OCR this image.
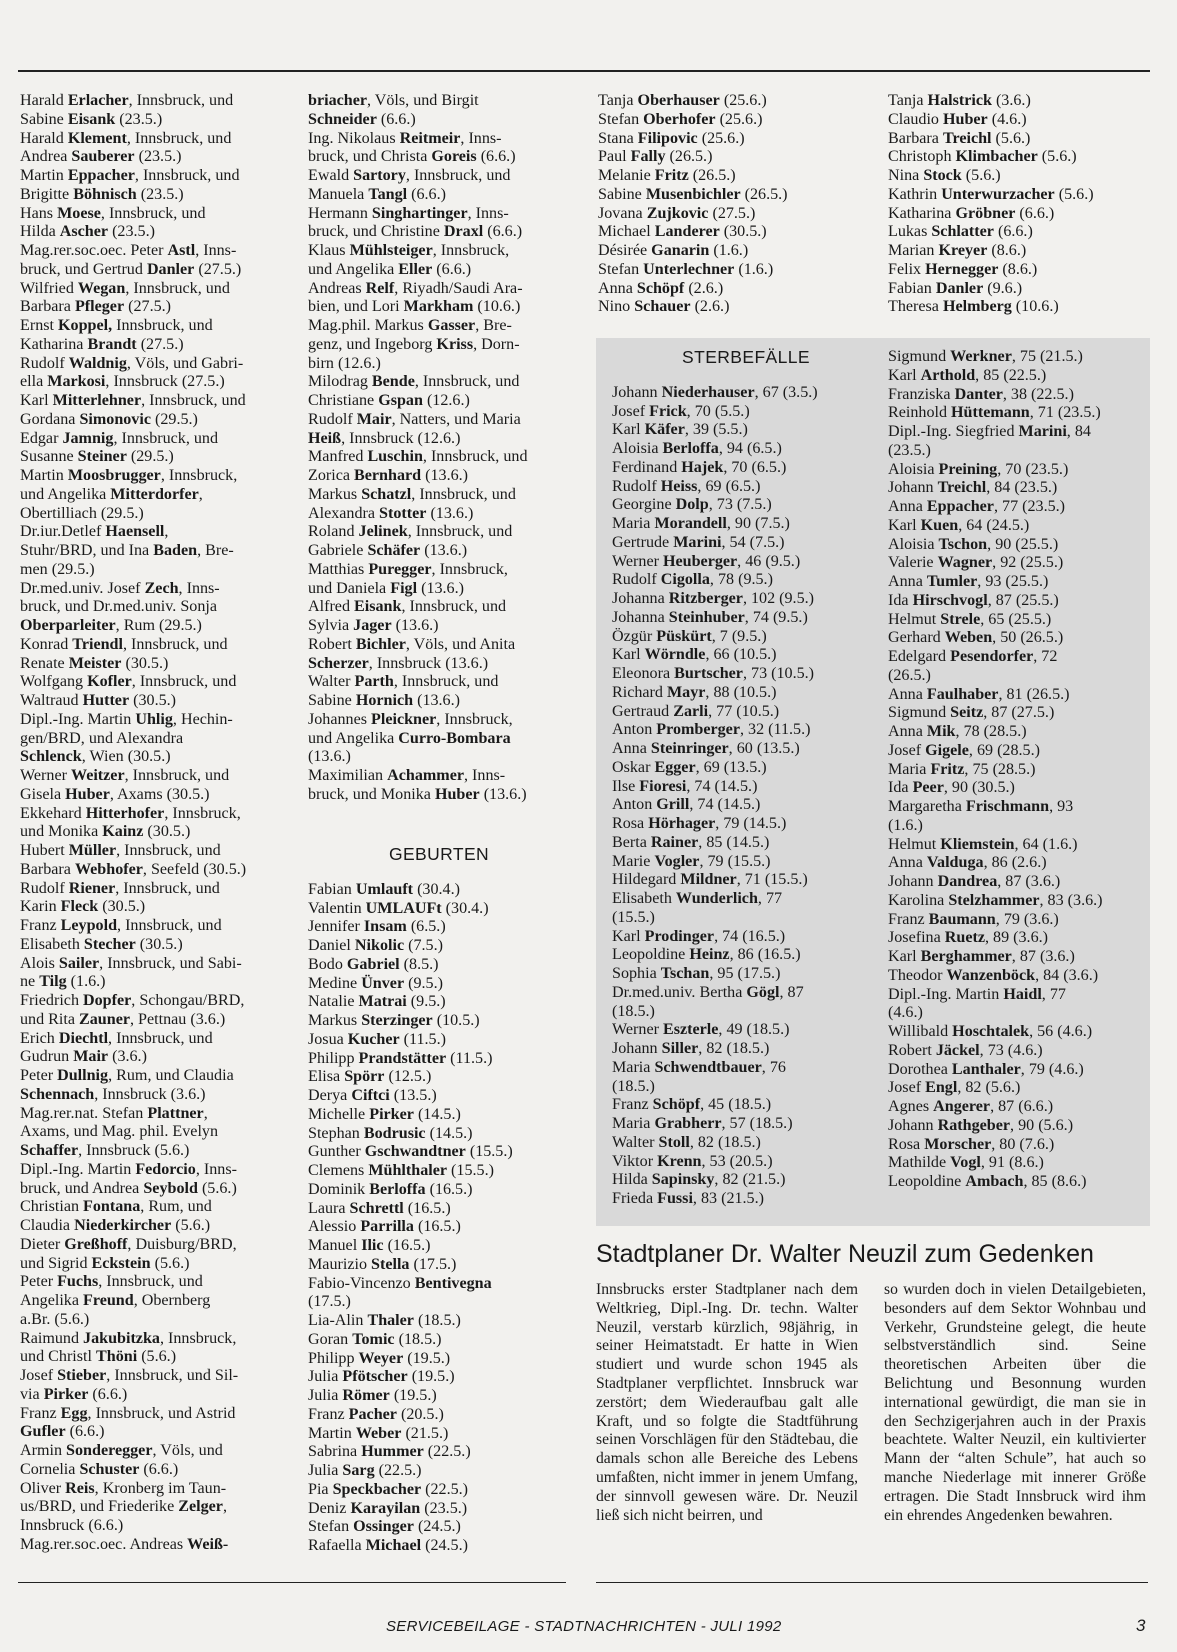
Harald Erlacher, Innsbruck, und

Sabine Eisank (23.5.)

Harald Klement, Innsbruck, und

Andrea Sauberer (23.5.)

Martin Eppacher, Innsbruck, und

Brigitte Böhnisch (23.5.)

Hans Moese, Innsbruck, und

Hilda Ascher (23.5.)

Mag.rer.soc.oec. Peter Astl, Inns-

bruck, und Gertrud Danler (27.5.)

Wilfried Wegan, Innsbruck, und

Barbara Pfleger (27.5.)

Ernst Koppel, Innsbruck, und

Katharina Brandt (27.5.)

Rudolf Waldnig, Völs, und Gabri-

ella Markosi, Innsbruck (27.5.)

Karl Mitterlehner, Innsbruck, und

Gordana Simonovic (29.5.)

Edgar Jamnig, Innsbruck, und

Susanne Steiner (29.5.)

Martin Moosbrugger, Innsbruck,

und Angelika Mitterdorfer,

Obertilliach (29.5.)

Dr.iur.Detlef Haensell,

Stuhr/BRD, und Ina Baden, Bre-

men (29.5.)

Dr.med.univ. Josef Zech, Inns-

bruck, und Dr.med.univ. Sonja

Oberparleiter, Rum (29.5.)

Konrad Triendl, Innsbruck, und

Renate Meister (30.5.)

Wolfgang Kofler, Innsbruck, und

Waltraud Hutter (30.5.)

Dipl.-Ing. Martin Uhlig, Hechin-

gen/BRD, und Alexandra

Schlenck, Wien (30.5.)

Werner Weitzer, Innsbruck, und

Gisela Huber, Axams (30.5.)

Ekkehard Hitterhofer, Innsbruck,

und Monika Kainz (30.5.)

Hubert Müller, Innsbruck, und

Barbara Webhofer, Seefeld (30.5.)

Rudolf Riener, Innsbruck, und

Karin Fleck (30.5.)

Franz Leypold, Innsbruck, und

Elisabeth Stecher (30.5.)

Alois Sailer, Innsbruck, und Sabi-

ne Tilg (1.6.)

Friedrich Dopfer, Schongau/BRD,

und Rita Zauner, Pettnau (3.6.)

Erich Diechtl, Innsbruck, und

Gudrun Mair (3.6.)

Peter Dullnig, Rum, und Claudia

Schennach, Innsbruck (3.6.)

Mag.rer.nat. Stefan Plattner,

Axams, und Mag. phil. Evelyn

Schaffer, Innsbruck (5.6.)

Dipl.-Ing. Martin Fedorcio, Inns-

bruck, und Andrea Seybold (5.6.)

Christian Fontana, Rum, und

Claudia Niederkircher (5.6.)

Dieter Greßhoff, Duisburg/BRD,

und Sigrid Eckstein (5.6.)

Peter Fuchs, Innsbruck, und

Angelika Freund, Obernberg

a.Br. (5.6.)

Raimund Jakubitzka, Innsbruck,

und Christl Thöni (5.6.)

Josef Stieber, Innsbruck, und Sil-

via Pirker (6.6.)

Franz Egg, Innsbruck, und Astrid

Gufler (6.6.)

Armin Sonderegger, Völs, und

Cornelia Schuster (6.6.)

Oliver Reis, Kronberg im Taun-

us/BRD, und Friederike Zelger,

Innsbruck (6.6.)

Mag.rer.soc.oec. Andreas Weiß-

briacher, Völs, und Birgit

Schneider (6.6.)

Ing. Nikolaus Reitmeir, Inns-

bruck, und Christa Goreis (6.6.)

Ewald Sartory, Innsbruck, und

Manuela Tangl (6.6.)

Hermann Singhartinger, Inns-

bruck, und Christine Draxl (6.6.)

Klaus Mühlsteiger, Innsbruck,

und Angelika Eller (6.6.)

Andreas Relf, Riyadh/Saudi Ara-

bien, und Lori Markham (10.6.)

Mag.phil. Markus Gasser, Bre-

genz, und Ingeborg Kriss, Dorn-

birn (12.6.)

Milodrag Bende, Innsbruck, und

Christiane Gspan (12.6.)

Rudolf Mair, Natters, und Maria

Heiß, Innsbruck (12.6.)

Manfred Luschin, Innsbruck, und

Zorica Bernhard (13.6.)

Markus Schatzl, Innsbruck, und

Alexandra Stotter (13.6.)

Roland Jelinek, Innsbruck, und

Gabriele Schäfer (13.6.)

Matthias Puregger, Innsbruck,

und Daniela Figl (13.6.)

Alfred Eisank, Innsbruck, und

Sylvia Jager (13.6.)

Robert Bichler, Völs, und Anita

Scherzer, Innsbruck (13.6.)

Walter Parth, Innsbruck, und

Sabine Hornich (13.6.)

Johannes Pleickner, Innsbruck,

und Angelika Curro-Bombara

(13.6.)

Maximilian Achammer, Inns-

bruck, und Monika Huber (13.6.)

GEBURTEN

Fabian Umlauft (30.4.)

Valentin UMLAUFt (30.4.)

Jennifer Insam (6.5.)

Daniel Nikolic (7.5.)

Bodo Gabriel (8.5.)

Medine Ünver (9.5.)

Natalie Matrai (9.5.)

Markus Sterzinger (10.5.)

Josua Kucher (11.5.)

Philipp Prandstätter (11.5.)

Elisa Spörr (12.5.)

Derya Ciftci (13.5.)

Michelle Pirker (14.5.)

Stephan Bodrusic (14.5.)

Gunther Gschwandtner (15.5.)

Clemens Mühlthaler (15.5.)

Dominik Berloffa (16.5.)

Laura Schrettl (16.5.)

Alessio Parrilla (16.5.)

Manuel Ilic (16.5.)

Maurizio Stella (17.5.)

Fabio-Vincenzo Bentivegna

(17.5.)

Lia-Alin Thaler (18.5.)

Goran Tomic (18.5.)

Philipp Weyer (19.5.)

Julia Pfötscher (19.5.)

Julia Römer (19.5.)

Franz Pacher (20.5.)

Martin Weber (21.5.)

Sabrina Hummer (22.5.)

Julia Sarg (22.5.)

Pia Speckbacher (22.5.)

Deniz Karayilan (23.5.)

Stefan Ossinger (24.5.)

Rafaella Michael (24.5.)

Tanja Oberhauser (25.6.)

Stefan Oberhofer (25.6.)

Stana Filipovic (25.6.)

Paul Fally (26.5.)

Melanie Fritz (26.5.)

Sabine Musenbichler (26.5.)

Jovana Zujkovic (27.5.)

Michael Landerer (30.5.)

Désirée Ganarin (1.6.)

Stefan Unterlechner (1.6.)

Anna Schöpf (2.6.)

Nino Schauer (2.6.)

Tanja Halstrick (3.6.)

Claudio Huber (4.6.)

Barbara Treichl (5.6.)

Christoph Klimbacher (5.6.)

Nina Stock (5.6.)

Kathrin Unterwurzacher (5.6.)

Katharina Gröbner (6.6.)

Lukas Schlatter (6.6.)

Marian Kreyer (8.6.)

Felix Hernegger (8.6.)

Fabian Danler (9.6.)

Theresa Helmberg (10.6.)

STERBEFÄLLE

Johann Niederhauser, 67 (3.5.)

Josef Frick, 70 (5.5.)

Karl Käfer, 39 (5.5.)

Aloisia Berloffa, 94 (6.5.)

Ferdinand Hajek, 70 (6.5.)

Rudolf Heiss, 69 (6.5.)

Georgine Dolp, 73 (7.5.)

Maria Morandell, 90 (7.5.)

Gertrude Marini, 54 (7.5.)

Werner Heuberger, 46 (9.5.)

Rudolf Cigolla, 78 (9.5.)

Johanna Ritzberger, 102 (9.5.)

Johanna Steinhuber, 74 (9.5.)

Özgür Püskürt, 7 (9.5.)

Karl Wörndle, 66 (10.5.)

Eleonora Burtscher, 73 (10.5.)

Richard Mayr, 88 (10.5.)

Gertraud Zarli, 77 (10.5.)

Anton Promberger, 32 (11.5.)

Anna Steinringer, 60 (13.5.)

Oskar Egger, 69 (13.5.)

Ilse Fioresi, 74 (14.5.)

Anton Grill, 74 (14.5.)

Rosa Hörhager, 79 (14.5.)

Berta Rainer, 85 (14.5.)

Marie Vogler, 79 (15.5.)

Hildegard Mildner, 71 (15.5.)

Elisabeth Wunderlich, 77

(15.5.)

Karl Prodinger, 74 (16.5.)

Leopoldine Heinz, 86 (16.5.)

Sophia Tschan, 95 (17.5.)

Dr.med.univ. Bertha Gögl, 87

(18.5.)

Werner Eszterle, 49 (18.5.)

Johann Siller, 82 (18.5.)

Maria Schwendtbauer, 76

(18.5.)

Franz Schöpf, 45 (18.5.)

Maria Grabherr, 57 (18.5.)

Walter Stoll, 82 (18.5.)

Viktor Krenn, 53 (20.5.)

Hilda Sapinsky, 82 (21.5.)

Frieda Fussi, 83 (21.5.)

Sigmund Werkner, 75 (21.5.)

Karl Arthold, 85 (22.5.)

Franziska Danter, 38 (22.5.)

Reinhold Hüttemann, 71 (23.5.)

Dipl.-Ing. Siegfried Marini, 84

(23.5.)

Aloisia Preining, 70 (23.5.)

Johann Treichl, 84 (23.5.)

Anna Eppacher, 77 (23.5.)

Karl Kuen, 64 (24.5.)

Aloisia Tschon, 90 (25.5.)

Valerie Wagner, 92 (25.5.)

Anna Tumler, 93 (25.5.)

Ida Hirschvogl, 87 (25.5.)

Helmut Strele, 65 (25.5.)

Gerhard Weben, 50 (26.5.)

Edelgard Pesendorfer, 72

(26.5.)

Anna Faulhaber, 81 (26.5.)

Sigmund Seitz, 87 (27.5.)

Anna Mik, 78 (28.5.)

Josef Gigele, 69 (28.5.)

Maria Fritz, 75 (28.5.)

Ida Peer, 90 (30.5.)

Margaretha Frischmann, 93

(1.6.)

Helmut Kliemstein, 64 (1.6.)

Anna Valduga, 86 (2.6.)

Johann Dandrea, 87 (3.6.)

Karolina Stelzhammer, 83 (3.6.)

Franz Baumann, 79 (3.6.)

Josefina Ruetz, 89 (3.6.)

Karl Berghammer, 87 (3.6.)

Theodor Wanzenböck, 84 (3.6.)

Dipl.-Ing. Martin Haidl, 77

(4.6.)

Willibald Hoschtalek, 56 (4.6.)

Robert Jäckel, 73 (4.6.)

Dorothea Lanthaler, 79 (4.6.)

Josef Engl, 82 (5.6.)

Agnes Angerer, 87 (6.6.)

Johann Rathgeber, 90 (5.6.)

Rosa Morscher, 80 (7.6.)

Mathilde Vogl, 91 (8.6.)

Leopoldine Ambach, 85 (8.6.)

Stadtplaner Dr. Walter Neuzil zum Gedenken

Innsbrucks erster Stadtplaner nach dem Weltkrieg, Dipl.-Ing. Dr. techn. Walter Neuzil, verstarb kürzlich, 98jährig, in seiner Heimatstadt. Er hatte in Wien studiert und wurde schon 1945 als Stadtplaner verpflichtet. Innsbruck war zerstört; dem Wiederaufbau galt alle Kraft, und so folgte die Stadtführung seinen Vorschlägen für den Städtebau, die damals schon alle Bereiche des Lebens umfaßten, nicht immer in jenem Umfang, der sinnvoll gewesen wäre. Dr. Neuzil ließ sich nicht beirren, und

so wurden doch in vielen Detailgebieten, besonders auf dem Sektor Wohnbau und Verkehr, Grundsteine gelegt, die heute selbstverständlich sind. Seine theoretischen Arbeiten über die Belichtung und Besonnung wurden international gewürdigt, die man sie in den Sechzigerjahren auch in der Praxis beachtete. Walter Neuzil, ein kultivierter Mann der “alten Schule”, hat auch so manche Niederlage mit innerer Größe ertragen. Die Stadt Innsbruck wird ihm ein ehrendes Angedenken bewahren.

SERVICEBEILAGE - STADTNACHRICHTEN - JULI 1992	3
